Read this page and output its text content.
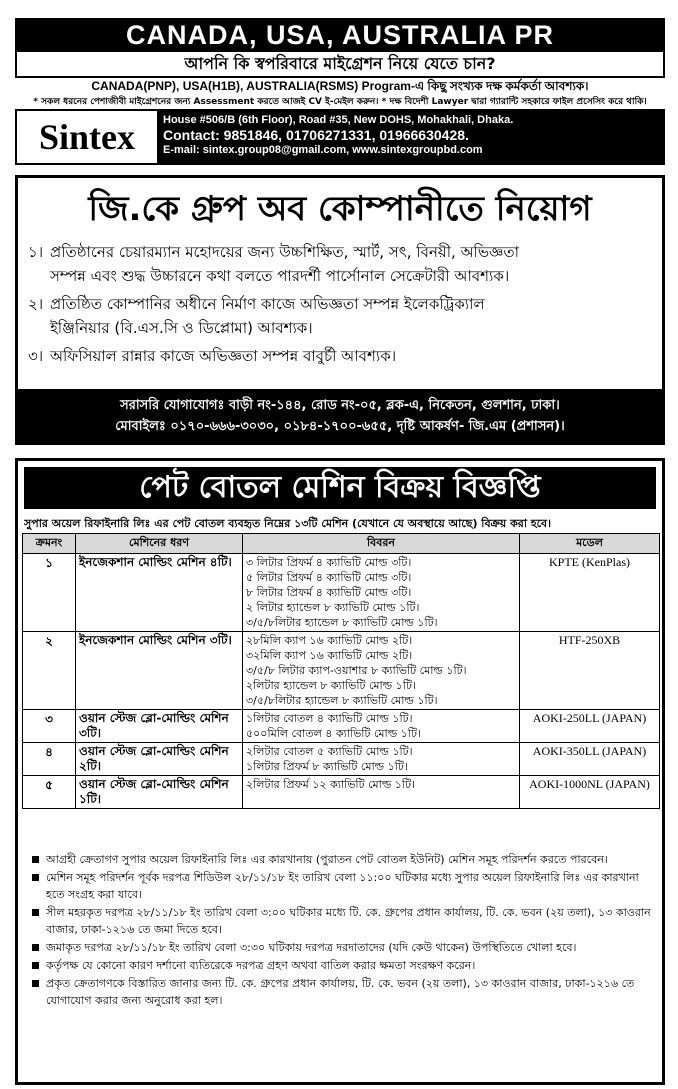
CANADA, USA, AUSTRALIA PR
আপনি কি স্বপরিবারে মাইগ্রেশন নিয়ে যেতে চান?
CANADA(PNP), USA(H1B), AUSTRALIA(RSMS) Program-এ কিছু সংখ্যক দক্ষ কর্মকর্তা আবশ্যক।
* সকল ধরনের পেশাজীবী মাইগ্রেশনের জন্য Assessment করতে আজই CV ই-মেইল করুন। * দক্ষ বিদেশী Lawyer দ্বারা গ্যারান্টি সহকারে ফাইল প্রসেসিং করে থাকি।
Sintex	House #506/B (6th Floor), Road #35, New DOHS, Mohakhali, Dhaka.
Contact: 9851846, 01706271331, 01966630428.
E-mail: sintex.group08@gmail.com, www.sintexgroupbd.com
জি.কে গ্রুপ অব কোম্পানীতে নিয়োগ
১। প্রতিষ্ঠানের চেয়ারম্যান মহোদয়ের জন্য উচ্চশিক্ষিত, স্মার্ট, সৎ, বিনয়ী, অভিজ্ঞতা
সম্পন্ন এবং শুদ্ধ উচ্চারনে কথা বলতে পারদর্শী পার্সোনাল সেক্রেটারী আবশ্যক।
২। প্রতিষ্ঠিত কোম্পানির অধীনে নির্মাণ কাজে অভিজ্ঞতা সম্পন্ন ইলেকট্রিক্যাল
ইঞ্জিনিয়ার (বি.এস.সি ও ডিপ্লোমা) আবশ্যক।
৩। অফিসিয়াল রান্নার কাজে অভিজ্ঞতা সম্পন্ন বাবুর্চী আবশ্যক।
সরাসরি যোগাযোগঃ বাড়ী নং-১৪৪, রোড নং-০৫, ব্লক-এ, নিকেতন, গুলশান, ঢাকা।
মোবাইলঃ ০১৭০-৬৬৬-৩০৩০, ০১৮৪-১৭০০-৬৫৫, দৃষ্টি আকর্ষণ- জি.এম (প্রশাসন)।
পেট বোতল মেশিন বিক্রয় বিজ্ঞপ্তি
সুপার অয়েল রিফাইনারি লিঃ এর পেট বোতল ব্যবহৃত নিম্নের ১৩টি মেশিন (যেখানে যে অবস্থায়ে আছে) বিক্রয় করা হবে।
ক্রমনং	মেশিনের ধরণ	বিবরন	মডেল
১	ইনজেকশান মোল্ডিং মেশিন ৪টি।	৩ লিটার প্রিফর্ম ৪ ক্যাভিটি মোল্ড ৩টি।
৫ লিটার প্রিফর্ম ৪ ক্যাভিটি মোল্ড ৩টি।
৮ লিটার প্রিফর্ম ৪ ক্যাভিটি মোল্ড ৩টি।
২ লিটার হ্যান্ডেল ৮ ক্যাভিটি মোল্ড ১টি।
৩/৫/৮লিটার হ্যান্ডেল ৮ ক্যাভিটি মোল্ড ১টি।	KPTE (KenPlas)
২	ইনজেকশান মোল্ডিং মেশিন ৩টি।	২৮মিলি ক্যাপ ১৬ ক্যাভিটি মোল্ড ২টি।
৩২মিলি ক্যাপ ১৬ ক্যাভিটি মোল্ড ২টি।
৩/৫/৮ লিটার ক্যাপ-ওয়াশার ৮ ক্যাভিটি মোল্ড ১টি।
২লিটার হ্যান্ডেল ৮ ক্যাভিটি মোল্ড ১টি।
৩/৫/৮লিটার হ্যান্ডেল ৮ ক্যাভিটি মোল্ড ১টি।	HTF-250XB
৩	ওয়ান স্টেজ ব্লো-মোল্ডিং মেশিন ৩টি।	১লিটার বোতল ৪ ক্যাভিটি মোল্ড ১টি।
৫০০মিলি বোতল ৪ ক্যাভিটি মোল্ড ১টি।	AOKI-250LL (JAPAN)
৪	ওয়ান স্টেজ ব্লো-মোল্ডিং মেশিন ২টি।	২লিটার বোতল ৫ ক্যাভিটি মোল্ড ১টি।
১লিটার প্রিফর্ম ৮ ক্যাভিটি মোল্ড ১টি।	AOKI-350LL (JAPAN)
৫	ওয়ান স্টেজ ব্লো-মোল্ডিং মেশিন ১টি।	২লিটার প্রিফর্ম ১২ ক্যাভিটি মোল্ড ১টি।	AOKI-1000NL (JAPAN)
আগ্রহী ক্রেতাগণ সুপার অয়েল রিফাইনারি লিঃ এর কারখানায় (পুরাতন পেট বোতল ইউনিট) মেশিন সমূহ পরিদর্শন করতে পারবেন।
মেশিন সমূহ পরিদর্শন পূর্বক দরপত্র শিডিউল ২৮/১১/১৮ ইং তারিখ বেলা ১১:০০ ঘটিকার মধ্যে সুপার অয়েল রিফাইনারি লিঃ এর কারখানা হতে সংগ্রহ করা যাবে।
সীল মহরকৃত দরপত্র ২৮/১১/১৮ ইং তারিখ বেলা ৩:০০ ঘটিকার মধ্যে টি. কে. গ্রুপের প্রধান কার্যালয়, টি. কে. ভবন (২য় তলা), ১৩ কাওরান বাজার, ঢাকা-১২১৬ তে জমা দিতে হবে।
জমাকৃত দরপত্র ২৮/১১/১৮ ইং তারিখ বেলা ৩:৩০ ঘটিকায় দরপত্র দরদাতাদের (যদি কেউ থাকেন) উপস্থিতিতে খোলা হবে।
কর্তৃপক্ষ যে কোনো কারণ দর্শানো ব্যতিরেকে দরপত্র গ্রহণ অথবা বাতিল করার ক্ষমতা সংরক্ষণ করেন।
প্রকৃত ক্রেতাগণকে বিস্তারিত জানার জন্য টি. কে. গ্রুপের প্রধান কার্যালয়, টি. কে. ভবন (২য় তলা), ১৩ কাওরান বাজার, ঢাকা-১২১৬ তে যোগাযোগ করার জন্য অনুরোধ করা হল।
